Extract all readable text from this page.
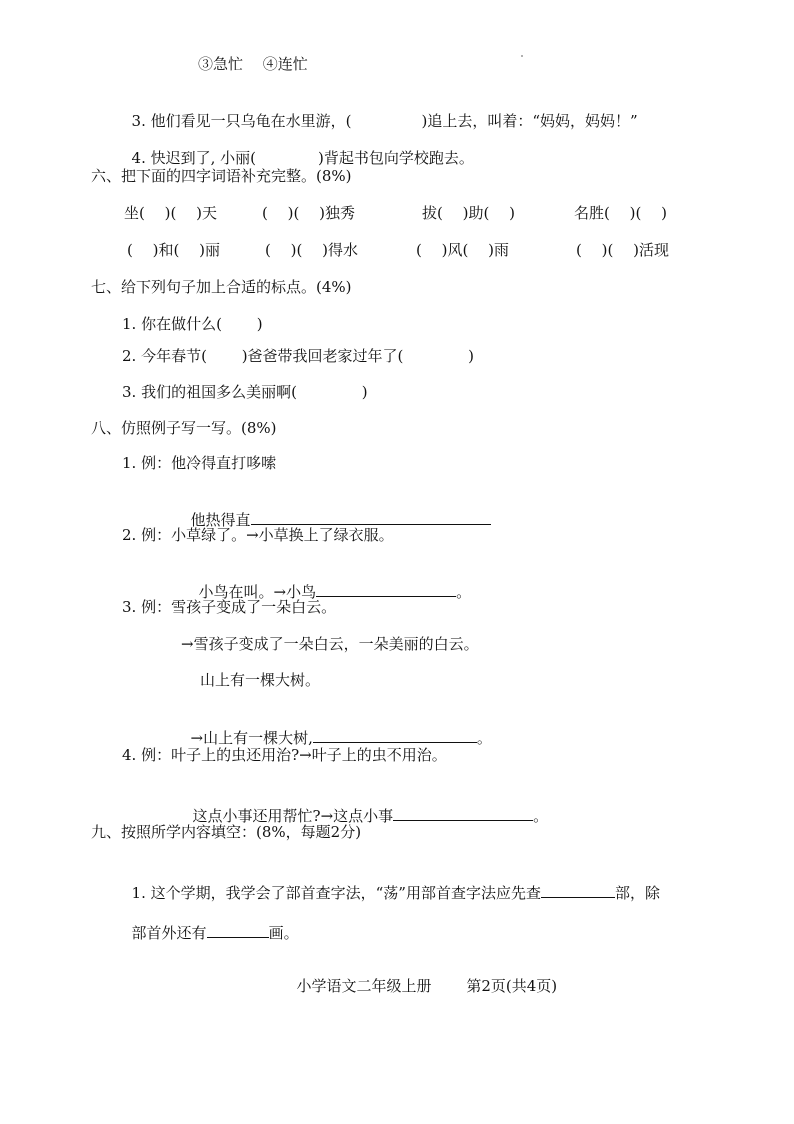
③急忙　 ④连忙

3. 他们看见一只乌龟在水里游，(	)追上去，叫着：“妈妈，妈妈！”

4. 快迟到了, 小丽(	)背起书包向学校跑去。

六、把下面的四字词语补充完整。(8%)
坐(　 )(　 )天	(　 )(　 )独秀	拔(　 )助(　 )	名胜(　 )(　 )
(　 )和(　 )丽	(　 )(　 )得水	(　 )风(　 )雨	(　 )(　 )活现
七、给下列句子加上合适的标点。(4%)
1. 你在做什么(　　 )
2. 今年春节(　　 )爸爸带我回老家过年了(　　　　 )
3. 我们的祖国多么美丽啊(　　　　 )
八、仿照例子写一写。(8%)
1. 例：他冷得直打哆嗦

他热得直

2. 例：小草绿了。→小草换上了绿衣服。

小鸟在叫。→小鸟	。

3. 例：雪孩子变成了一朵白云。
→雪孩子变成了一朵白云，一朵美丽的白云。
山上有一棵大树。

→山上有一棵大树,	。

4. 例：叶子上的虫还用治?→叶子上的虫不用治。

这点小事还用帮忙?→这点小事	。

九、按照所学内容填空：(8%，每题2分)

1. 这个学期，我学会了部首查字法，“荡”用部首查字法应先查	部，除

部首外还有	画。

小学语文二年级上册　　 第2页(共4页)
